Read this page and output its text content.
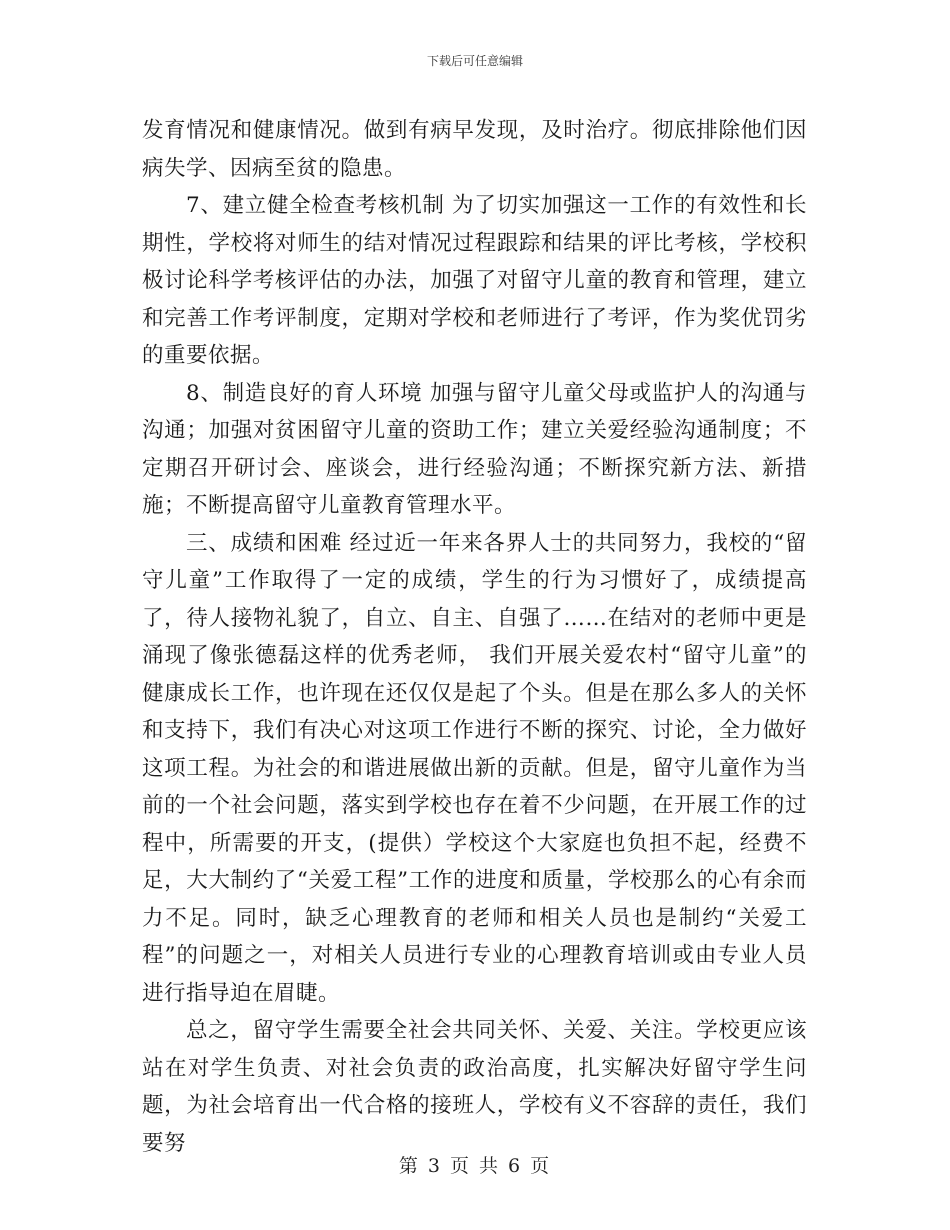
下载后可任意编辑

发育情况和健康情况。做到有病早发现，及时治疗。彻底排除他们因病失学、因病至贫的隐患。

7、建立健全检查考核机制 为了切实加强这一工作的有效性和长期性，学校将对师生的结对情况过程跟踪和结果的评比考核，学校积极讨论科学考核评估的办法，加强了对留守儿童的教育和管理，建立和完善工作考评制度，定期对学校和老师进行了考评，作为奖优罚劣的重要依据。

8、制造良好的育人环境 加强与留守儿童父母或监护人的沟通与沟通；加强对贫困留守儿童的资助工作；建立关爱经验沟通制度；不定期召开研讨会、座谈会，进行经验沟通；不断探究新方法、新措施；不断提高留守儿童教育管理水平。

三、成绩和困难 经过近一年来各界人士的共同努力，我校的“留守儿童”工作取得了一定的成绩，学生的行为习惯好了，成绩提高了，待人接物礼貌了，自立、自主、自强了……在结对的老师中更是涌现了像张德磊这样的优秀老师， 我们开展关爱农村“留守儿童”的健康成长工作，也许现在还仅仅是起了个头。但是在那么多人的关怀和支持下，我们有决心对这项工作进行不断的探究、讨论，全力做好这项工程。为社会的和谐进展做出新的贡献。但是，留守儿童作为当前的一个社会问题，落实到学校也存在着不少问题，在开展工作的过程中，所需要的开支，(提供）学校这个大家庭也负担不起，经费不足，大大制约了“关爱工程”工作的进度和质量，学校那么的心有余而力不足。同时，缺乏心理教育的老师和相关人员也是制约“关爱工程”的问题之一，对相关人员进行专业的心理教育培训或由专业人员进行指导迫在眉睫。

总之，留守学生需要全社会共同关怀、关爱、关注。学校更应该站在对学生负责、对社会负责的政治高度，扎实解决好留守学生问题，为社会培育出一代合格的接班人，学校有义不容辞的责任，我们要努

第 3 页 共 6 页
